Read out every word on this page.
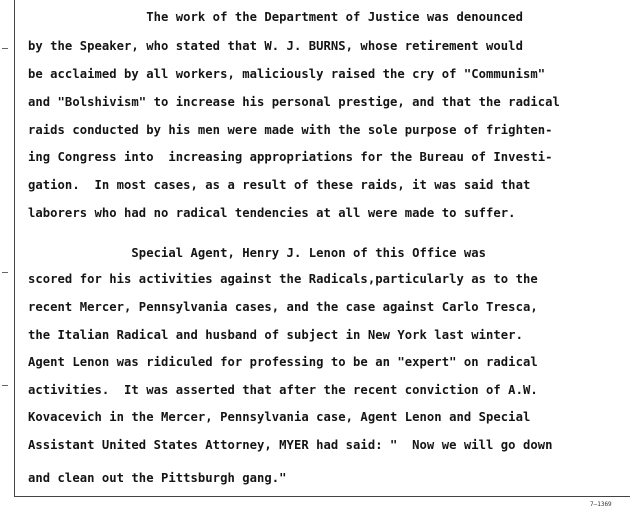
The work of the Department of Justice was denounced
by the Speaker, who stated that W. J. BURNS, whose retirement would
be acclaimed by all workers, maliciously raised the cry of "Communism"
and "Bolshivism" to increase his personal prestige, and that the radical
raids conducted by his men were made with the sole purpose of frighten-
ing Congress into  increasing appropriations for the Bureau of Investi-
gation.  In most cases, as a result of these raids, it was said that
laborers who had no radical tendencies at all were made to suffer.
Special Agent, Henry J. Lenon of this Office was
scored for his activities against the Radicals,particularly as to the
recent Mercer, Pennsylvania cases, and the case against Carlo Tresca,
the Italian Radical and husband of subject in New York last winter.
Agent Lenon was ridiculed for professing to be an "expert" on radical
activities.  It was asserted that after the recent conviction of A.W.
Kovacevich in the Mercer, Pennsylvania case, Agent Lenon and Special
Assistant United States Attorney, MYER had said: "  Now we will go down
and clean out the Pittsburgh gang."
7—1369
